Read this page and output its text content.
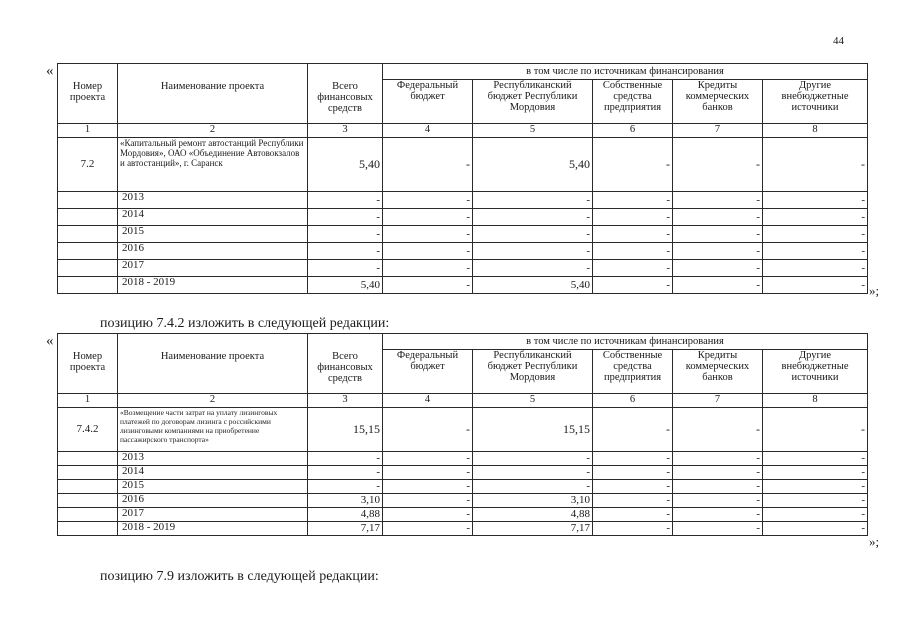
44
«
Номер проекта	Наименование проекта	Всего финансовых средств	в том числе по источникам финансирования				
			Федеральный бюджет	Республиканский бюджет Республики Мордовия	Собственные средства предприятия	Кредиты коммерческих банков	Другие внебюджетные источники
1	2	3	4	5	6	7	8
7.2	«Капитальный ремонт автостанций Республики Мордовия», ОАО «Объединение Автовокзалов и автостанций», г. Саранск	5,40	-	5,40	-	-	-
	2013	-	-	-	-	-	-
	2014	-	-	-	-	-	-
	2015	-	-	-	-	-	-
	2016	-	-	-	-	-	-
	2017	-	-	-	-	-	-
	2018 - 2019	5,40	-	5,40	-	-	- »;
позицию 7.4.2 изложить в следующей редакции:
«
Номер проекта	Наименование проекта	Всего финансовых средств	в том числе по источникам финансирования				
			Федеральный бюджет	Республиканский бюджет Республики Мордовия	Собственные средства предприятия	Кредиты коммерческих банков	Другие внебюджетные источники
1	2	3	4	5	6	7	8
7.4.2	«Возмещение части затрат на уплату лизинговых платежей по договорам лизинга с российскими лизинговыми компаниями на приобретение пассажирского транспорта»	15,15	-	15,15	-	-	-
	2013	-	-	-	-	-	-
	2014	-	-	-	-	-	-
	2015	-	-	-	-	-	-
	2016	3,10	-	3,10	-	-	-
	2017	4,88	-	4,88	-	-	-
	2018 - 2019	7,17	-	7,17	-	-	-
»;
позицию 7.9 изложить в следующей редакции:
